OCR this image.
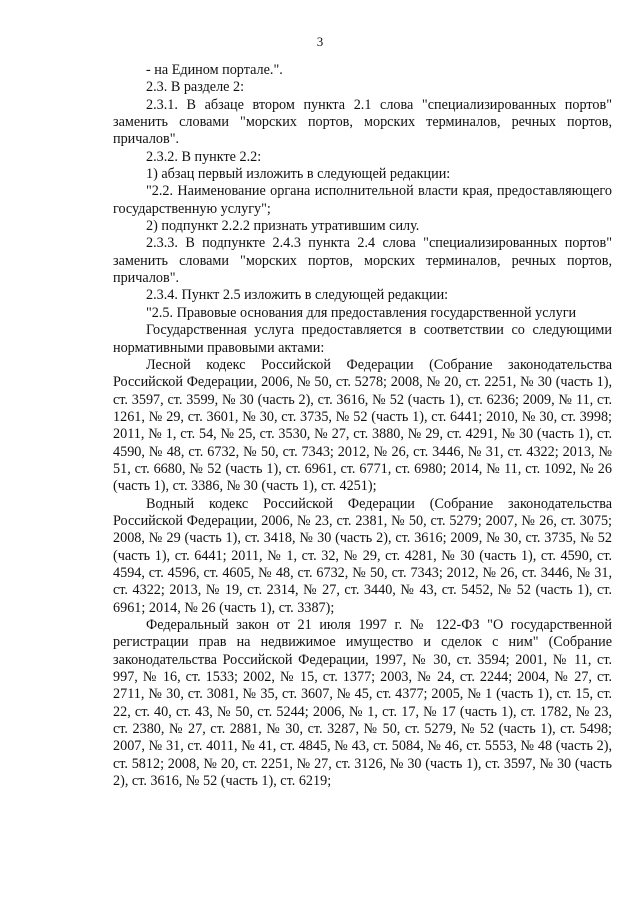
3

- на Едином портале.".

2.3. В разделе 2:

2.3.1. В абзаце втором пункта 2.1 слова "специализированных портов" заменить словами "морских портов, морских терминалов, речных портов, причалов".

2.3.2. В пункте 2.2:

1) абзац первый изложить в следующей редакции:

"2.2. Наименование органа исполнительной власти края, предоставляющего государственную услугу";

2) подпункт 2.2.2 признать утратившим силу.

2.3.3. В подпункте 2.4.3 пункта 2.4 слова "специализированных портов" заменить словами "морских портов, морских терминалов, речных портов, причалов".

2.3.4. Пункт 2.5 изложить в следующей редакции:

"2.5. Правовые основания для предоставления государственной услуги

Государственная услуга предоставляется в соответствии со следующими нормативными правовыми актами:

Лесной кодекс Российской Федерации (Собрание законодательства Российской Федерации, 2006, № 50, ст. 5278; 2008, № 20, ст. 2251, № 30 (часть 1), ст. 3597, ст. 3599, № 30 (часть 2), ст. 3616, № 52 (часть 1), ст. 6236; 2009, № 11, ст. 1261, № 29, ст. 3601, № 30, ст. 3735, № 52 (часть 1), ст. 6441; 2010, № 30, ст. 3998; 2011, № 1, ст. 54, № 25, ст. 3530, № 27, ст. 3880, № 29, ст. 4291, № 30 (часть 1), ст. 4590, № 48, ст. 6732, № 50, ст. 7343; 2012, № 26, ст. 3446, № 31, ст. 4322; 2013, № 51, ст. 6680, № 52 (часть 1), ст. 6961, ст. 6771, ст. 6980; 2014, № 11, ст. 1092, № 26 (часть 1), ст. 3386, № 30 (часть 1), ст. 4251);

Водный кодекс Российской Федерации (Собрание законодательства Российской Федерации, 2006, № 23, ст. 2381, № 50, ст. 5279; 2007, № 26, ст. 3075; 2008, № 29 (часть 1), ст. 3418, № 30 (часть 2), ст. 3616; 2009, № 30, ст. 3735, № 52 (часть 1), ст. 6441; 2011, № 1, ст. 32, № 29, ст. 4281, № 30 (часть 1), ст. 4590, ст. 4594, ст. 4596, ст. 4605, № 48, ст. 6732, № 50, ст. 7343; 2012, № 26, ст. 3446, № 31, ст. 4322; 2013, № 19, ст. 2314, № 27, ст. 3440, № 43, ст. 5452, № 52 (часть 1), ст. 6961; 2014, № 26 (часть 1), ст. 3387);

Федеральный закон от 21 июля 1997 г. № 122-ФЗ "О государственной регистрации прав на недвижимое имущество и сделок с ним" (Собрание законодательства Российской Федерации, 1997, № 30, ст. 3594; 2001, № 11, ст. 997, № 16, ст. 1533; 2002, № 15, ст. 1377; 2003, № 24, ст. 2244; 2004, № 27, ст. 2711, № 30, ст. 3081, № 35, ст. 3607, № 45, ст. 4377; 2005, № 1 (часть 1), ст. 15, ст. 22, ст. 40, ст. 43, № 50, ст. 5244; 2006, № 1, ст. 17, № 17 (часть 1), ст. 1782, № 23, ст. 2380, № 27, ст. 2881, № 30, ст. 3287, № 50, ст. 5279, № 52 (часть 1), ст. 5498; 2007, № 31, ст. 4011, № 41, ст. 4845, № 43, ст. 5084, № 46, ст. 5553, № 48 (часть 2), ст. 5812; 2008, № 20, ст. 2251, № 27, ст. 3126, № 30 (часть 1), ст. 3597, № 30 (часть 2), ст. 3616, № 52 (часть 1), ст. 6219;
